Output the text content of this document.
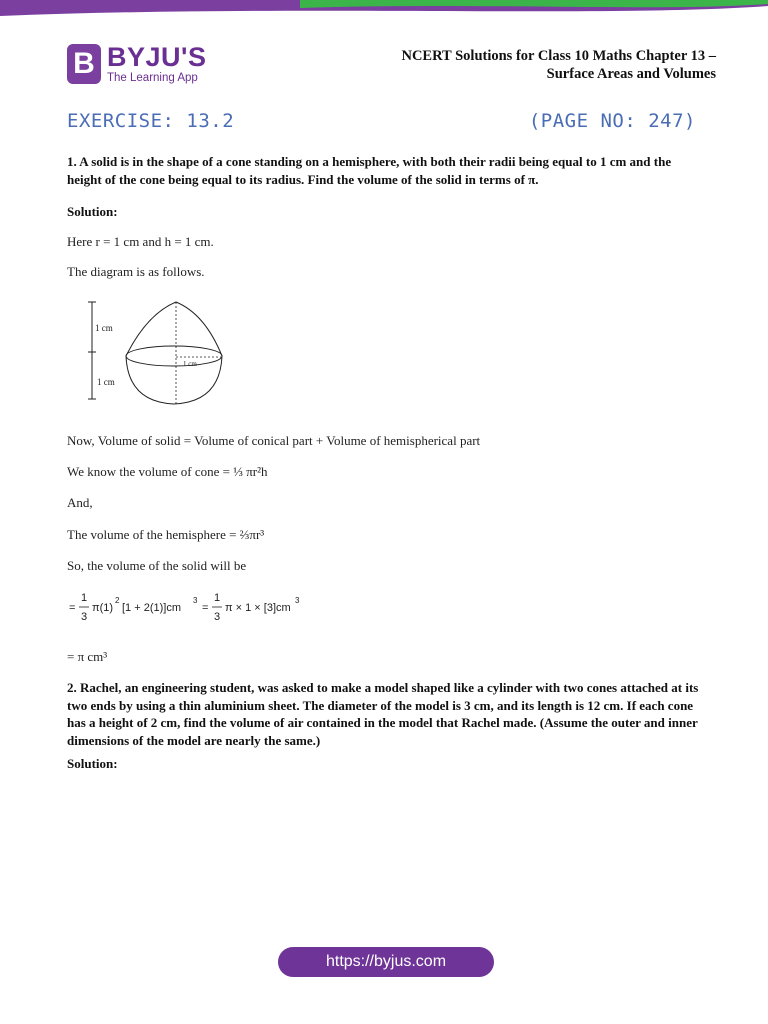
B BYJU'S
The Learning App
NCERT Solutions for Class 10 Maths Chapter 13 –
Surface Areas and Volumes
EXERCISE: 13.2	(PAGE NO: 247)
1. A solid is in the shape of a cone standing on a hemisphere, with both their radii being equal to 1 cm and the height of the cone being equal to its radius. Find the volume of the solid in terms of π.
Solution:
Here r = 1 cm and h = 1 cm.
The diagram is as follows.
1 cm
1 cm
1 cm
Now, Volume of solid = Volume of conical part + Volume of hemispherical part
We know the volume of cone = ⅓ πr²h
And,
The volume of the hemisphere = ⅔πr³
So, the volume of the solid will be
=
1
3
π(1)
2
[1 + 2(1)]cm
3
=
1
3
π × 1 × [3]cm
3
= π cm³
2. Rachel, an engineering student, was asked to make a model shaped like a cylinder with two cones attached at its two ends by using a thin aluminium sheet. The diameter of the model is 3 cm, and its length is 12 cm. If each cone has a height of 2 cm, find the volume of air contained in the model that Rachel made. (Assume the outer and inner dimensions of the model are nearly the same.)
Solution:
https://byjus.com
